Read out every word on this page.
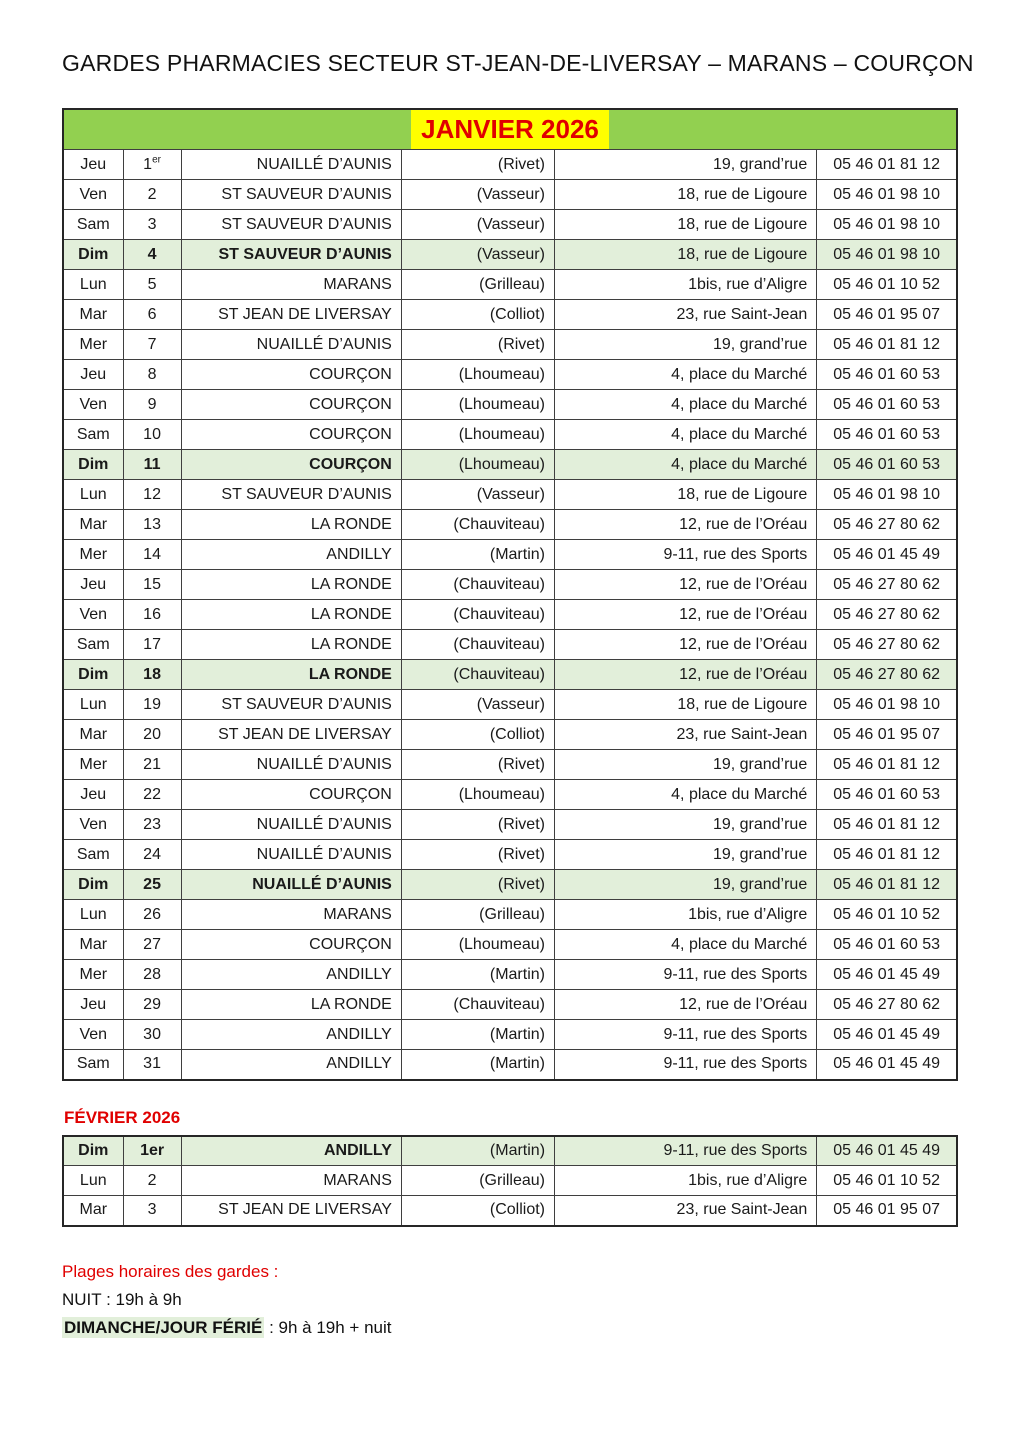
GARDES PHARMACIES SECTEUR ST-JEAN-DE-LIVERSAY – MARANS – COURÇON
JANVIER 2026					
Jeu	1er	NUAILLÉ D’AUNIS	(Rivet)	19, grand’rue	05 46 01 81 12
Ven	2	ST SAUVEUR D’AUNIS	(Vasseur)	18, rue de Ligoure	05 46 01 98 10
Sam	3	ST SAUVEUR D’AUNIS	(Vasseur)	18, rue de Ligoure	05 46 01 98 10
Dim	4	ST SAUVEUR D’AUNIS	(Vasseur)	18, rue de Ligoure	05 46 01 98 10
Lun	5	MARANS	(Grilleau)	1bis, rue d’Aligre	05 46 01 10 52
Mar	6	ST JEAN DE LIVERSAY	(Colliot)	23, rue Saint-Jean	05 46 01 95 07
Mer	7	NUAILLÉ D’AUNIS	(Rivet)	19, grand’rue	05 46 01 81 12
Jeu	8	COURÇON	(Lhoumeau)	4, place du Marché	05 46 01 60 53
Ven	9	COURÇON	(Lhoumeau)	4, place du Marché	05 46 01 60 53
Sam	10	COURÇON	(Lhoumeau)	4, place du Marché	05 46 01 60 53
Dim	11	COURÇON	(Lhoumeau)	4, place du Marché	05 46 01 60 53
Lun	12	ST SAUVEUR D’AUNIS	(Vasseur)	18, rue de Ligoure	05 46 01 98 10
Mar	13	LA RONDE	(Chauviteau)	12, rue de l’Oréau	05 46 27 80 62
Mer	14	ANDILLY	(Martin)	9-11, rue des Sports	05 46 01 45 49
Jeu	15	LA RONDE	(Chauviteau)	12, rue de l’Oréau	05 46 27 80 62
Ven	16	LA RONDE	(Chauviteau)	12, rue de l’Oréau	05 46 27 80 62
Sam	17	LA RONDE	(Chauviteau)	12, rue de l’Oréau	05 46 27 80 62
Dim	18	LA RONDE	(Chauviteau)	12, rue de l’Oréau	05 46 27 80 62
Lun	19	ST SAUVEUR D’AUNIS	(Vasseur)	18, rue de Ligoure	05 46 01 98 10
Mar	20	ST JEAN DE LIVERSAY	(Colliot)	23, rue Saint-Jean	05 46 01 95 07
Mer	21	NUAILLÉ D’AUNIS	(Rivet)	19, grand’rue	05 46 01 81 12
Jeu	22	COURÇON	(Lhoumeau)	4, place du Marché	05 46 01 60 53
Ven	23	NUAILLÉ D’AUNIS	(Rivet)	19, grand’rue	05 46 01 81 12
Sam	24	NUAILLÉ D’AUNIS	(Rivet)	19, grand’rue	05 46 01 81 12
Dim	25	NUAILLÉ D’AUNIS	(Rivet)	19, grand’rue	05 46 01 81 12
Lun	26	MARANS	(Grilleau)	1bis, rue d’Aligre	05 46 01 10 52
Mar	27	COURÇON	(Lhoumeau)	4, place du Marché	05 46 01 60 53
Mer	28	ANDILLY	(Martin)	9-11, rue des Sports	05 46 01 45 49
Jeu	29	LA RONDE	(Chauviteau)	12, rue de l’Oréau	05 46 27 80 62
Ven	30	ANDILLY	(Martin)	9-11, rue des Sports	05 46 01 45 49
Sam	31	ANDILLY	(Martin)	9-11, rue des Sports	05 46 01 45 49
FÉVRIER 2026
Dim	1er	ANDILLY	(Martin)	9-11, rue des Sports	05 46 01 45 49
Lun	2	MARANS	(Grilleau)	1bis, rue d’Aligre	05 46 01 10 52
Mar	3	ST JEAN DE LIVERSAY	(Colliot)	23, rue Saint-Jean	05 46 01 95 07
Plages horaires des gardes :
NUIT : 19h à 9h
DIMANCHE/JOUR FÉRIÉ : 9h à 19h + nuit
